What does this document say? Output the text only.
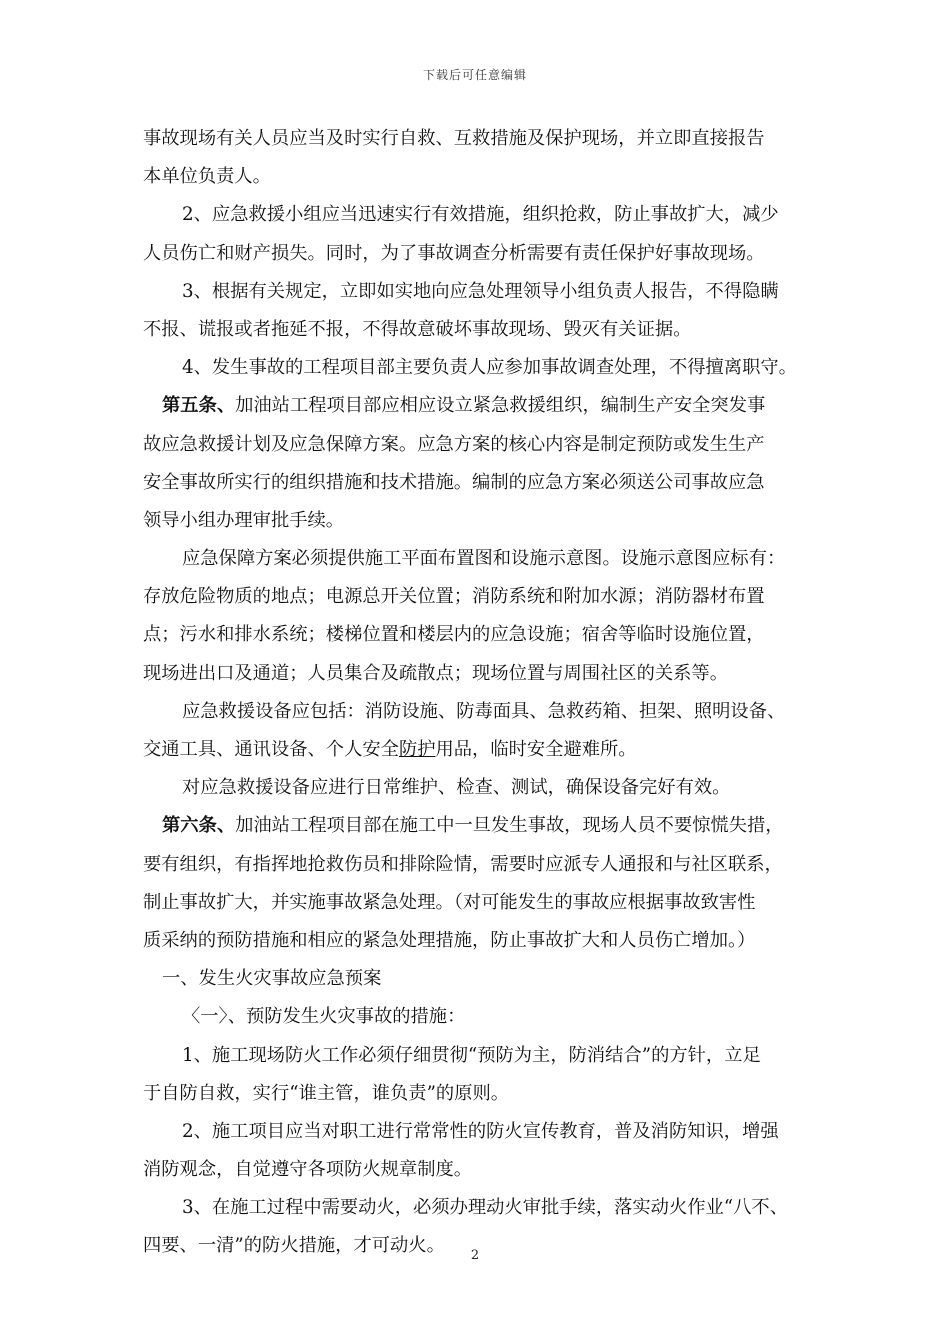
下载后可任意编辑
事故现场有关人员应当及时实行自救、互救措施及保护现场，并立即直接报告
本单位负责人。
2、应急救援小组应当迅速实行有效措施，组织抢救，防止事故扩大，减少
人员伤亡和财产损失。同时，为了事故调查分析需要有责任保护好事故现场。
3、根据有关规定，立即如实地向应急处理领导小组负责人报告，不得隐瞒
不报、谎报或者拖延不报，不得故意破坏事故现场、毁灭有关证据。
4、发生事故的工程项目部主要负责人应参加事故调查处理，不得擅离职守。
第五条、加油站工程项目部应相应设立紧急救援组织，编制生产安全突发事
故应急救援计划及应急保障方案。应急方案的核心内容是制定预防或发生生产
安全事故所实行的组织措施和技术措施。编制的应急方案必须送公司事故应急
领导小组办理审批手续。
应急保障方案必须提供施工平面布置图和设施示意图。设施示意图应标有：
存放危险物质的地点；电源总开关位置；消防系统和附加水源；消防器材布置
点；污水和排水系统；楼梯位置和楼层内的应急设施；宿舍等临时设施位置，
现场进出口及通道；人员集合及疏散点；现场位置与周围社区的关系等。
应急救援设备应包括：消防设施、防毒面具、急救药箱、担架、照明设备、
交通工具、通讯设备、个人安全防护用品，临时安全避难所。
对应急救援设备应进行日常维护、检查、测试，确保设备完好有效。
第六条、加油站工程项目部在施工中一旦发生事故，现场人员不要惊慌失措，
要有组织，有指挥地抢救伤员和排除险情，需要时应派专人通报和与社区联系，
制止事故扩大，并实施事故紧急处理。（对可能发生的事故应根据事故致害性
质采纳的预防措施和相应的紧急处理措施，防止事故扩大和人员伤亡增加。）
一、发生火灾事故应急预案
〈一〉、预防发生火灾事故的措施：
1、施工现场防火工作必须仔细贯彻“预防为主，防消结合”的方针，立足
于自防自救，实行“谁主管，谁负责”的原则。
2、施工项目应当对职工进行常常性的防火宣传教育，普及消防知识，增强
消防观念，自觉遵守各项防火规章制度。
3、在施工过程中需要动火，必须办理动火审批手续，落实动火作业“八不、
四要、一清”的防火措施，才可动火。	2
